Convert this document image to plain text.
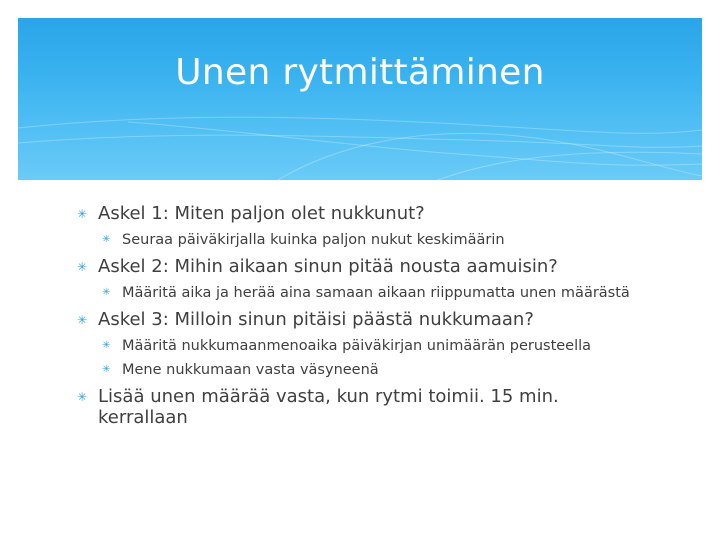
Unen rytmittäminen
✳ Askel 1: Miten paljon olet nukkunut?
✳ Seuraa päiväkirjalla kuinka paljon nukut keskimäärin
✳ Askel 2: Mihin aikaan sinun pitää nousta aamuisin?
✳ Määritä aika ja herää aina samaan aikaan riippumatta unen määrästä
✳ Askel 3: Milloin sinun pitäisi päästä nukkumaan?
✳ Määritä nukkumaanmenoaika päiväkirjan unimäärän perusteella
✳ Mene nukkumaan vasta väsyneenä
✳ Lisää unen määrää vasta, kun rytmi toimii. 15 min. kerrallaan
